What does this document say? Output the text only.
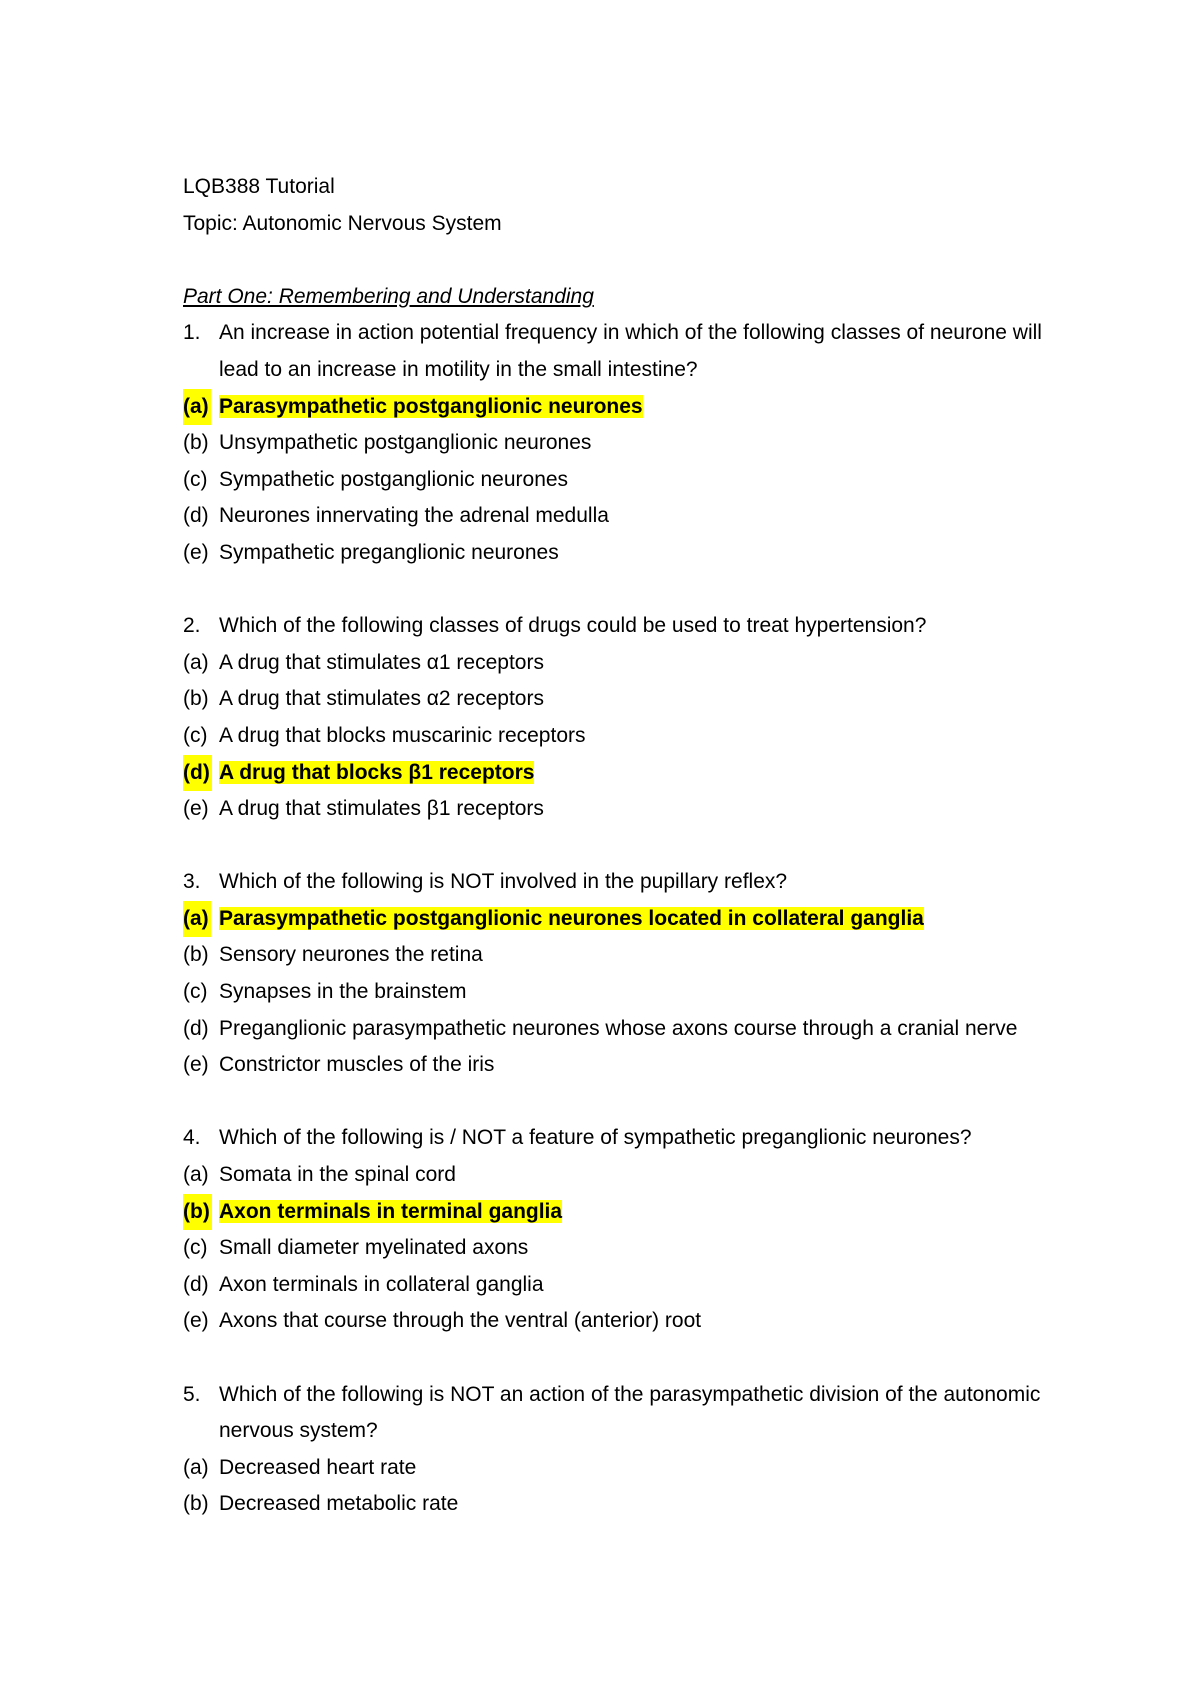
LQB388 Tutorial

Topic: Autonomic Nervous System

Part One: Remembering and Understanding

1. An increase in action potential frequency in which of the following classes of neurone will lead to an increase in motility in the small intestine?

(a) Parasympathetic postganglionic neurones

(b) Unsympathetic postganglionic neurones

(c) Sympathetic postganglionic neurones

(d) Neurones innervating the adrenal medulla

(e) Sympathetic preganglionic neurones

2. Which of the following classes of drugs could be used to treat hypertension?

(a) A drug that stimulates α1 receptors

(b) A drug that stimulates α2 receptors

(c) A drug that blocks muscarinic receptors

(d) A drug that blocks β1 receptors

(e) A drug that stimulates β1 receptors

3. Which of the following is NOT involved in the pupillary reflex?

(a) Parasympathetic postganglionic neurones located in collateral ganglia

(b) Sensory neurones the retina

(c) Synapses in the brainstem

(d) Preganglionic parasympathetic neurones whose axons course through a cranial nerve

(e) Constrictor muscles of the iris

4. Which of the following is / NOT a feature of sympathetic preganglionic neurones?

(a) Somata in the spinal cord

(b) Axon terminals in terminal ganglia

(c) Small diameter myelinated axons

(d) Axon terminals in collateral ganglia

(e) Axons that course through the ventral (anterior) root

5. Which of the following is NOT an action of the parasympathetic division of the autonomic nervous system?

(a) Decreased heart rate

(b) Decreased metabolic rate
